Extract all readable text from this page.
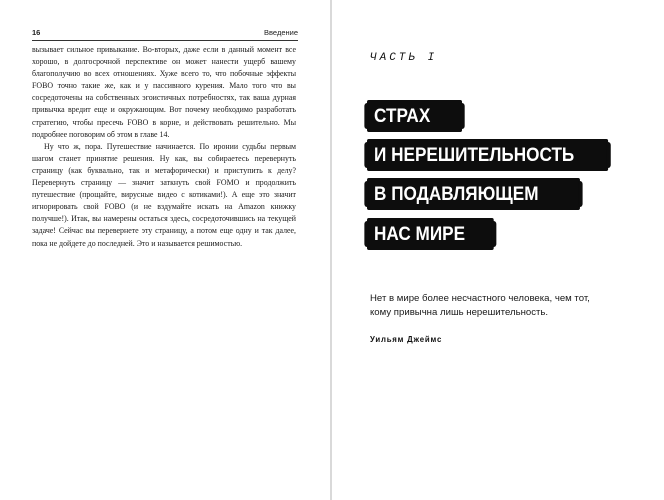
16	Введение

вызывает сильное привыкание. Во-вторых, даже если в данный момент все хорошо, в долгосрочной перспективе он может нанести ущерб вашему благополучию во всех отношениях. Хуже всего то, что побочные эффекты FOBO точно такие же, как и у пассивного курения. Мало того что вы сосредоточены на собственных эгоистичных потребностях, так ваша дурная привычка вредит еще и окружающим. Вот почему необходимо разработать стратегию, чтобы пресечь FOBO в корне, и действовать решительно. Мы подробнее поговорим об этом в главе 14.

Ну что ж, пора. Путешествие начинается. По иронии судьбы первым шагом станет принятие решения. Ну как, вы собираетесь перевернуть страницу (как буквально, так и метафорически) и приступить к делу? Перевернуть страницу — значит заткнуть свой FOMO и продолжить путешествие (прощайте, вирусные видео с котиками!). А еще это значит игнорировать свой FOBO (и не вздумайте искать на Amazon книжку получше!). Итак, вы намерены остаться здесь, сосредоточившись на текущей задаче! Сейчас вы перевернете эту страницу, а потом еще одну и так далее, пока не дойдете до последней. Это и называется решимостью.

ЧАСТЬ I
СТРАХ
И НЕРЕШИТЕЛЬНОСТЬ
В ПОДАВЛЯЮЩЕМ
НАС МИРЕ
Нет в мире более несчастного человека, чем тот, кому привычна лишь нерешительность.
Уильям Джеймс
